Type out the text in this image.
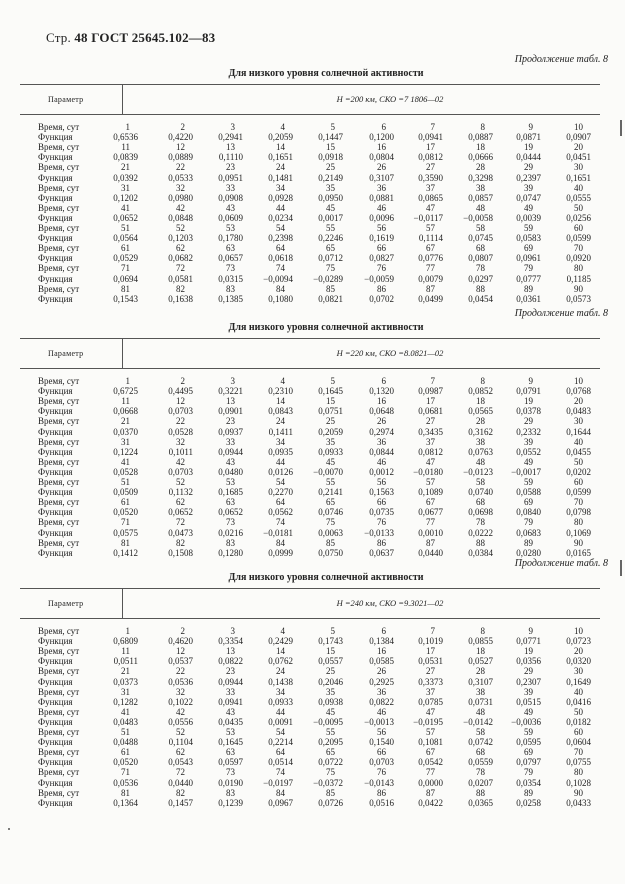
Стр. 48 ГОСТ 25645.102—83
Продолжение табл. 8
Для низкого уровня солнечной активности
Параметр	H =200 км, СКО =7 1806—02
Время, сут	1	2	3	4	5	6	7	8	9	10
Функция	0,6536	0,4220	0,2941	0,2059	0,1447	0,1200	0,0941	0,0887	0,0871	0,0907
Время, сут	11	12	13	14	15	16	17	18	19	20
Функция	0,0839	0,0889	0,1110	0,1651	0,0918	0,0804	0,0812	0,0666	0,0444	0,0451
Время, сут	21	22	23	24	25	26	27	28	29	30
Функция	0,0392	0,0533	0,0951	0,1481	0,2149	0,3107	0,3590	0,3298	0,2397	0,1651
Время, сут	31	32	33	34	35	36	37	38	39	40
Функция	0,1202	0,0980	0,0908	0,0928	0,0950	0,0881	0,0865	0,0857	0,0747	0,0555
Время, сут	41	42	43	44	45	46	47	48	49	50
Функция	0,0652	0,0848	0,0609	0,0234	0,0017	0,0096	−0,0117	−0,0058	0,0039	0,0256
Время, сут	51	52	53	54	55	56	57	58	59	60
Функция	0,0564	0,1203	0,1780	0,2398	0,2246	0,1619	0,1114	0,0745	0,0583	0,0599
Время, сут	61	62	63	64	65	66	67	68	69	70
Функция	0,0529	0,0682	0,0657	0,0618	0,0712	0,0827	0,0776	0,0807	0,0961	0,0920
Время, сут	71	72	73	74	75	76	77	78	79	80
Функция	0,0694	0,0581	0,0315	−0,0094	−0,0289	−0,0059	0,0079	0,0297	0,0777	0,1185
Время, сут	81	82	83	84	85	86	87	88	89	90
Функция	0,1543	0,1638	0,1385	0,1080	0,0821	0,0702	0,0499	0,0454	0,0361	0,0573
Продолжение табл. 8
Для низкого уровня солнечной активности
Параметр	H =220 км, СКО =8.0821—02
Время, сут	1	2	3	4	5	6	7	8	9	10
Функция	0,6725	0,4495	0,3221	0,2310	0,1645	0,1320	0,0987	0,0852	0,0791	0,0768
Время, сут	11	12	13	14	15	16	17	18	19	20
Функция	0,0668	0,0703	0,0901	0,0843	0,0751	0,0648	0,0681	0,0565	0,0378	0,0483
Время, сут	21	22	23	24	25	26	27	28	29	30
Функция	0,0370	0,0528	0,0937	0,1411	0,2059	0,2974	0,3435	0,3162	0,2332	0,1644
Время, сут	31	32	33	34	35	36	37	38	39	40
Функция	0,1224	0,1011	0,0944	0,0935	0,0933	0,0844	0,0812	0,0763	0,0552	0,0455
Время, сут	41	42	43	44	45	46	47	48	49	50
Функция	0,0528	0,0703	0,0480	0,0126	−0,0070	0,0012	−0,0180	−0,0123	−0,0017	0,0202
Время, сут	51	52	53	54	55	56	57	58	59	60
Функция	0,0509	0,1132	0,1685	0,2270	0,2141	0,1563	0,1089	0,0740	0,0588	0,0599
Время, сут	61	62	63	64	65	66	67	68	69	70
Функция	0,0520	0,0652	0,0652	0,0562	0,0746	0,0735	0,0677	0,0698	0,0840	0,0798
Время, сут	71	72	73	74	75	76	77	78	79	80
Функция	0,0575	0,0473	0,0216	−0,0181	0,0063	−0,0133	0,0010	0,0222	0,0683	0,1069
Время, сут	81	82	83	84	85	86	87	88	89	90
Функция	0,1412	0,1508	0,1280	0,0999	0,0750	0,0637	0,0440	0,0384	0,0280	0,0165
Продолжение табл. 8
Для низкого уровня солнечной активности
Параметр	H =240 км, СКО =9.3021—02
Время, сут	1	2	3	4	5	6	7	8	9	10
Функция	0,6809	0,4620	0,3354	0,2429	0,1743	0,1384	0,1019	0,0855	0,0771	0,0723
Время, сут	11	12	13	14	15	16	17	18	19	20
Функция	0,0511	0,0537	0,0822	0,0762	0,0557	0,0585	0,0531	0,0527	0,0356	0,0320
Время, сут	21	22	23	24	25	26	27	28	29	30
Функция	0,0373	0,0536	0,0944	0,1438	0,2046	0,2925	0,3373	0,3107	0,2307	0,1649
Время, сут	31	32	33	34	35	36	37	38	39	40
Функция	0,1282	0,1022	0,0941	0,0933	0,0938	0,0822	0,0785	0,0731	0,0515	0,0416
Время, сут	41	42	43	44	45	46	47	48	49	50
Функция	0,0483	0,0556	0,0435	0,0091	−0,0095	−0,0013	−0,0195	−0,0142	−0,0036	0,0182
Время, сут	51	52	53	54	55	56	57	58	59	60
Функция	0,0488	0,1104	0,1645	0,2214	0,2095	0,1540	0,1081	0,0742	0,0595	0,0604
Время, сут	61	62	63	64	65	66	67	68	69	70
Функция	0,0520	0,0543	0,0597	0,0514	0,0722	0,0703	0,0542	0,0559	0,0797	0,0755
Время, сут	71	72	73	74	75	76	77	78	79	80
Функция	0,0536	0,0440	0,0190	−0,0197	−0,0372	−0,0143	0,0000	0,0207	0,0354	0,1028
Время, сут	81	82	83	84	85	86	87	88	89	90
Функция	0,1364	0,1457	0,1239	0,0967	0,0726	0,0516	0,0422	0,0365	0,0258	0,0433
